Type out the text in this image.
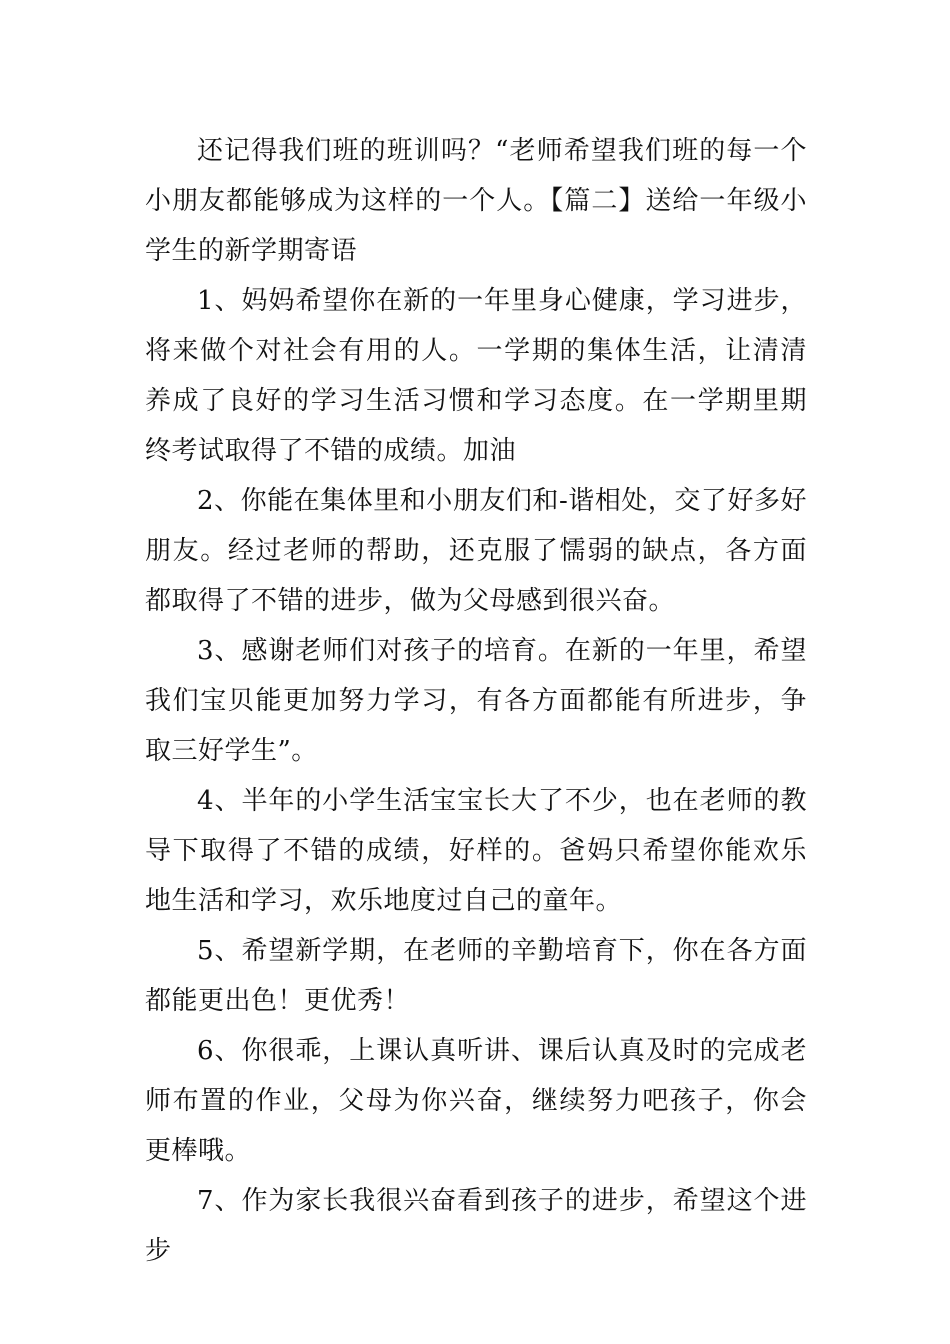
还记得我们班的班训吗？“老师希望我们班的每一个小朋友都能够成为这样的一个人。【篇二】送给一年级小学生的新学期寄语

1、妈妈希望你在新的一年里身心健康，学习进步，将来做个对社会有用的人。一学期的集体生活，让清清养成了良好的学习生活习惯和学习态度。在一学期里期终考试取得了不错的成绩。加油

2、你能在集体里和小朋友们和-谐相处，交了好多好朋友。经过老师的帮助，还克服了懦弱的缺点，各方面都取得了不错的进步，做为父母感到很兴奋。

3、感谢老师们对孩子的培育。在新的一年里，希望我们宝贝能更加努力学习，有各方面都能有所进步，争取三好学生”。

4、半年的小学生活宝宝长大了不少，也在老师的教导下取得了不错的成绩，好样的。爸妈只希望你能欢乐地生活和学习，欢乐地度过自己的童年。

5、希望新学期，在老师的辛勤培育下，你在各方面都能更出色！更优秀！

6、你很乖，上课认真听讲、课后认真及时的完成老师布置的作业，父母为你兴奋，继续努力吧孩子，你会更棒哦。

7、作为家长我很兴奋看到孩子的进步，希望这个进步
